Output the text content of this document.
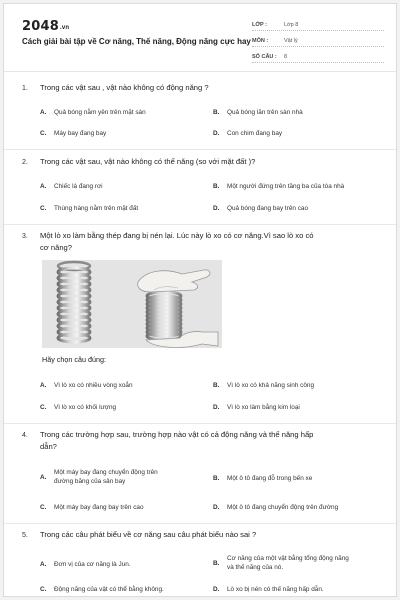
2048.vn
Cách giải bài tập về Cơ năng, Thế năng, Động năng cực hay
LỚP :	Lớp 8
MÔN :	Vật lý
SỐ CÂU :	8
1. Trong các vật sau , vật nào không có động năng ?
A.	Quả bóng nằm yên trên mặt sàn	B.	Quả bóng lăn trên sàn nhà
C.	Máy bay đang bay	D.	Con chim đang bay
2. Trong các vật sau, vật nào không có thế năng (so với mặt đất )?
A.	Chiếc lá đang rơi	B.	Một người đứng trên tầng ba của tòa nhà
C.	Thùng hàng nằm trên mặt đất	D.	Quả bóng đang bay trên cao
3. Một lò xo làm bằng thép đang bị nén lại. Lúc này lò xo có cơ năng.Vì sao lò xo có
cơ năng?
Hãy chọn câu đúng:
A.	Vì lò xo có nhiều vòng xoắn	B.	Vì lò xo có khả năng sinh công
C.	Vì lò xo có khối lượng	D.	Vì lò xo làm bằng kim loại
4. Trong các trường hợp sau, trường hợp nào vật có cả động năng và thế năng hấp
dẫn?
A.
Một máy bay đang chuyển động trên
đường băng của sân bay	B.	Một ô tô đang đỗ trong bến xe
C.	Một máy bay đang bay trên cao	D.	Một ô tô đang chuyển động trên đường
5. Trong các câu phát biểu về cơ năng sau câu phát biểu nào sai ?
A.	Đơn vị của cơ năng là Jun.	B.
Cơ năng của một vật bằng tổng động năng
và thế năng của nó.
C.	Động năng của vật có thể bằng không.	D.	Lò xo bị nén có thế năng hấp dẫn.
